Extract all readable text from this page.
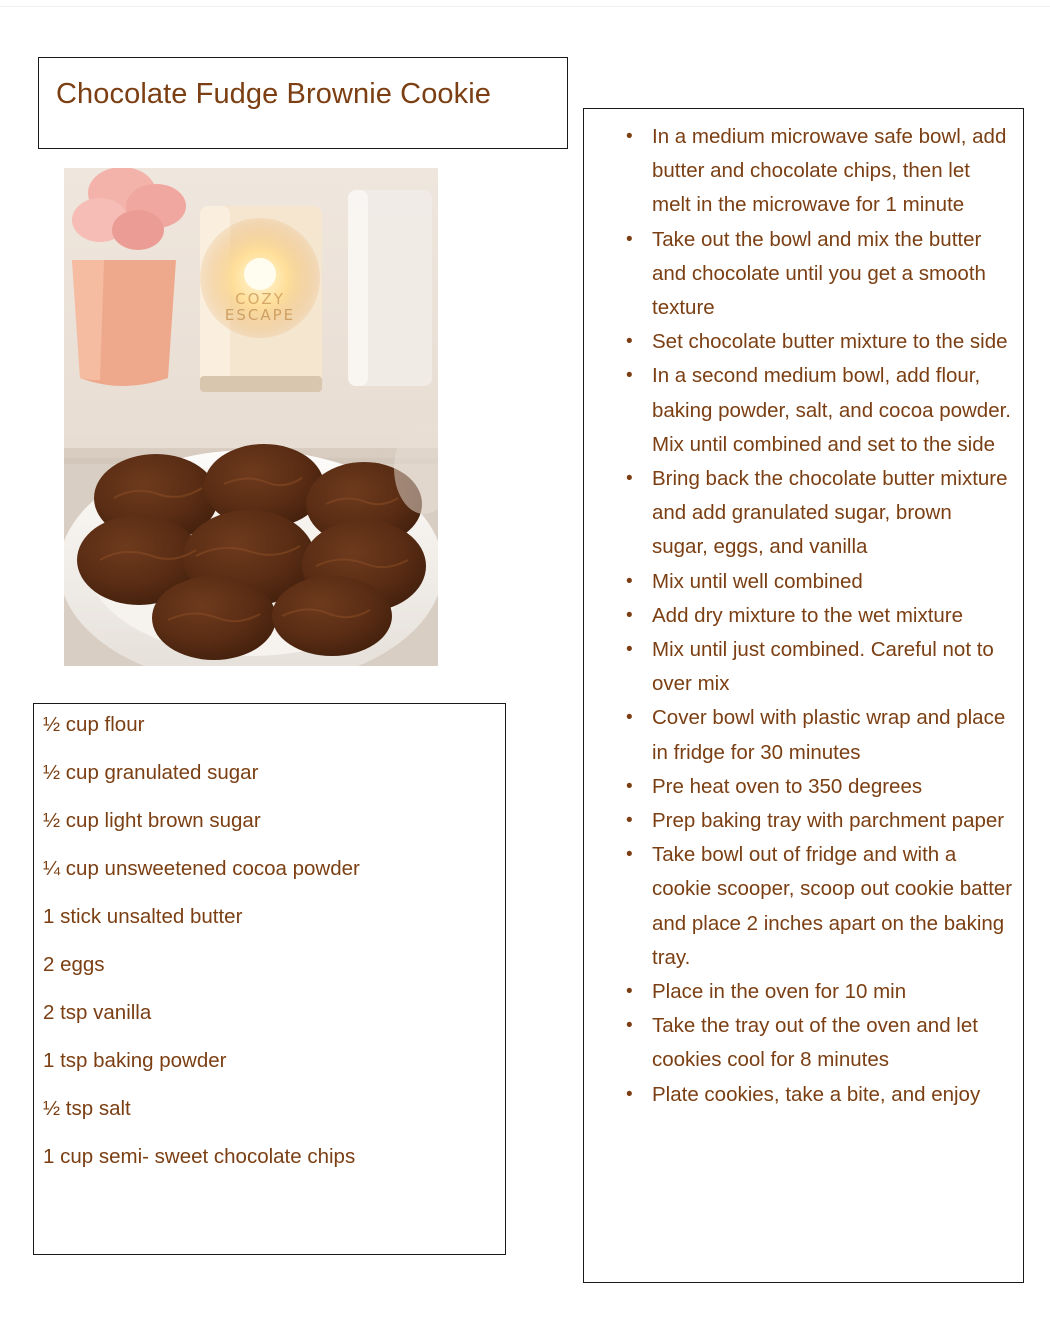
Chocolate Fudge Brownie Cookie
COZY
ESCAPE
½ cup flour
½ cup granulated sugar
½ cup light brown sugar
¼ cup unsweetened cocoa powder
1 stick unsalted butter
2 eggs
2 tsp vanilla
1 tsp baking powder
½ tsp salt
1 cup semi- sweet chocolate chips
• In a medium microwave safe bowl, add butter and chocolate chips, then let melt in the microwave for 1 minute
• Take out the bowl and mix the butter and chocolate until you get a smooth texture
• Set chocolate butter mixture to the side
• In a second medium bowl, add flour, baking powder, salt, and cocoa powder. Mix until combined and set to the side
• Bring back the chocolate butter mixture and add granulated sugar, brown sugar, eggs, and vanilla
• Mix until well combined
• Add dry mixture to the wet mixture
• Mix until just combined. Careful not to over mix
• Cover bowl with plastic wrap and place in fridge for 30 minutes
• Pre heat oven to 350 degrees
• Prep baking tray with parchment paper
• Take bowl out of fridge and with a cookie scooper, scoop out cookie batter and place 2 inches apart on the baking tray.
• Place in the oven for 10 min
• Take the tray out of the oven and let cookies cool for 8 minutes
• Plate cookies, take a bite, and enjoy
